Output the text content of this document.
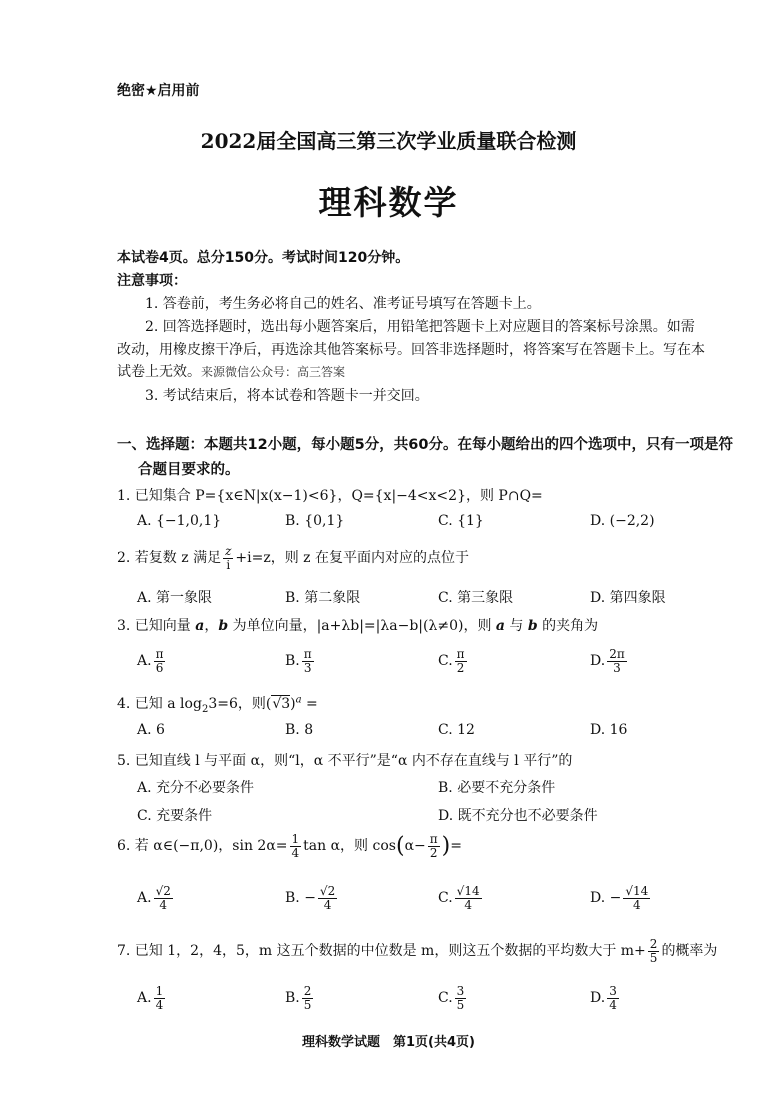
绝密★启用前
2022届全国高三第三次学业质量联合检测
理科数学
本试卷4页。总分150分。考试时间120分钟。
注意事项：
1. 答卷前，考生务必将自己的姓名、准考证号填写在答题卡上。
2. 回答选择题时，选出每小题答案后，用铅笔把答题卡上对应题目的答案标号涂黑。如需
改动，用橡皮擦干净后，再选涂其他答案标号。回答非选择题时，将答案写在答题卡上。写在本
试卷上无效。来源微信公众号：高三答案
3. 考试结束后，将本试卷和答题卡一并交回。
一、选择题：本题共12小题，每小题5分，共60分。在每小题给出的四个选项中，只有一项是符
合题目要求的。
1. 已知集合 P={x∈N|x(x−1)<6}，Q={x|−4<x<2}，则 P∩Q=
A. {−1,0,1}	B. {0,1}	C. {1}	D. (−2,2)
2. 若复数 z 满足 $\frac{z}{i} +i=z$，则 z 在复平面内对应的点位于
A. 第一象限	B. 第二象限	C. 第三象限	D. 第四象限
3. 已知向量 a，b 为单位向量，|a+λb|=|λa−b|(λ≠0)，则 a 与 b 的夹角为
A. $\frac{\pi}{6}$	B. $\frac{\pi}{3}$	C. $\frac{\pi}{2}$	D. $\frac{2\pi}{3}$
4. 已知 a $\log_23=6$，则$(√3)^a$ =
A. 6	B. 8	C. 12	D. 16
5. 已知直线 l 与平面 α，则“l，α 不平行”是“α 内不存在直线与 l 平行”的
A. 充分不必要条件	B. 必要不充分条件
C. 充要条件	D. 既不充分也不必要条件
6. 若 α∈(−π,0)，$\sin 2\alpha= \frac{1}{4}$ tan α，则 $\cos(\alpha- \frac{\pi}{2}$ )=
A. $\frac{√2}{4}$	B. − $\frac{√2}{4}$	C. $\frac{√14}{4}$	D. − $\frac{√14}{4}$
7. 已知 1，2，4，5，m 这五个数据的中位数是 m，则这五个数据的平均数大于 $m+ \frac{2}{5}$ 的概率为
A. $\frac{1}{4}$	B. $\frac{2}{5}$	C. $\frac{3}{5}$	D. $\frac{3}{4}$
理科数学试题　第1页(共4页)
